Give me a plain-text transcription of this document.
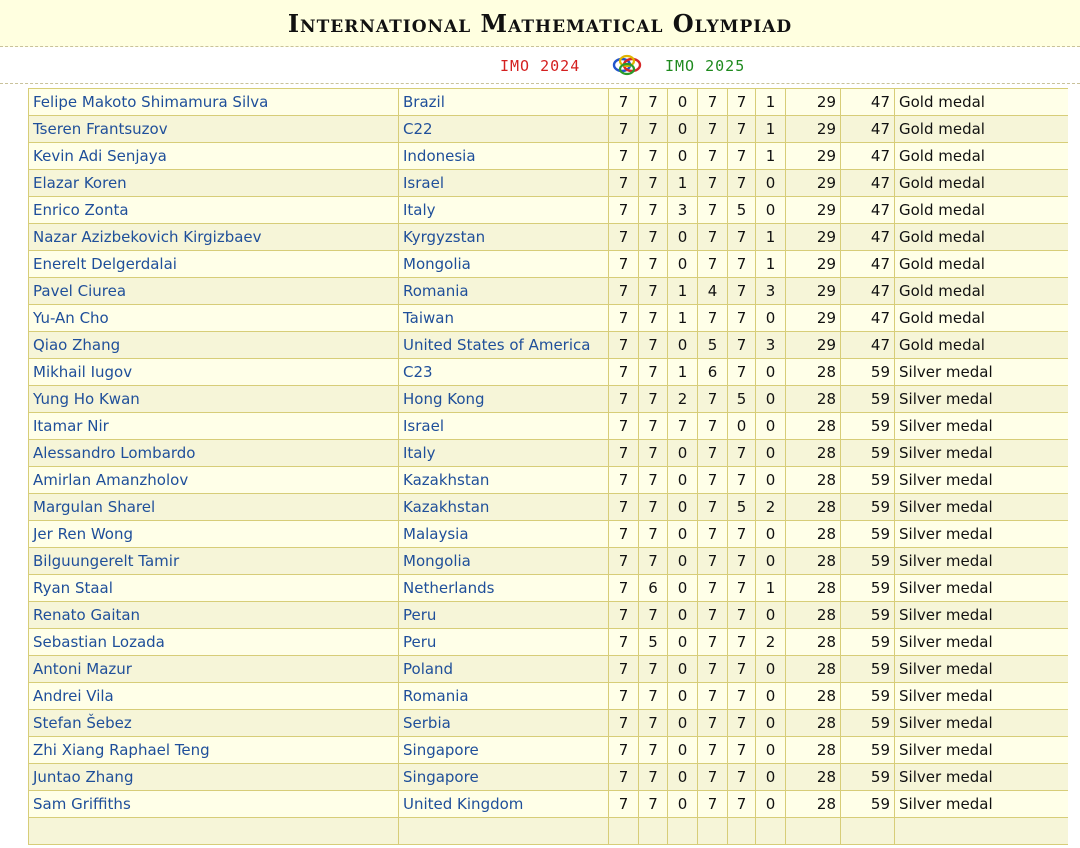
International Mathematical Olympiad
IMO 2024	IMO 2025
Felipe Makoto Shimamura Silva	Brazil	7	7	0	7	7	1	29	47	Gold medal
Tseren Frantsuzov	C22	7	7	0	7	7	1	29	47	Gold medal
Kevin Adi Senjaya	Indonesia	7	7	0	7	7	1	29	47	Gold medal
Elazar Koren	Israel	7	7	1	7	7	0	29	47	Gold medal
Enrico Zonta	Italy	7	7	3	7	5	0	29	47	Gold medal
Nazar Azizbekovich Kirgizbaev	Kyrgyzstan	7	7	0	7	7	1	29	47	Gold medal
Enerelt Delgerdalai	Mongolia	7	7	0	7	7	1	29	47	Gold medal
Pavel Ciurea	Romania	7	7	1	4	7	3	29	47	Gold medal
Yu-An Cho	Taiwan	7	7	1	7	7	0	29	47	Gold medal
Qiao Zhang	United States of America	7	7	0	5	7	3	29	47	Gold medal
Mikhail Iugov	C23	7	7	1	6	7	0	28	59	Silver medal
Yung Ho Kwan	Hong Kong	7	7	2	7	5	0	28	59	Silver medal
Itamar Nir	Israel	7	7	7	7	0	0	28	59	Silver medal
Alessandro Lombardo	Italy	7	7	0	7	7	0	28	59	Silver medal
Amirlan Amanzholov	Kazakhstan	7	7	0	7	7	0	28	59	Silver medal
Margulan Sharel	Kazakhstan	7	7	0	7	5	2	28	59	Silver medal
Jer Ren Wong	Malaysia	7	7	0	7	7	0	28	59	Silver medal
Bilguungerelt Tamir	Mongolia	7	7	0	7	7	0	28	59	Silver medal
Ryan Staal	Netherlands	7	6	0	7	7	1	28	59	Silver medal
Renato Gaitan	Peru	7	7	0	7	7	0	28	59	Silver medal
Sebastian Lozada	Peru	7	5	0	7	7	2	28	59	Silver medal
Antoni Mazur	Poland	7	7	0	7	7	0	28	59	Silver medal
Andrei Vila	Romania	7	7	0	7	7	0	28	59	Silver medal
Stefan Šebez	Serbia	7	7	0	7	7	0	28	59	Silver medal
Zhi Xiang Raphael Teng	Singapore	7	7	0	7	7	0	28	59	Silver medal
Juntao Zhang	Singapore	7	7	0	7	7	0	28	59	Silver medal
Sam Griffiths	United Kingdom	7	7	0	7	7	0	28	59	Silver medal
